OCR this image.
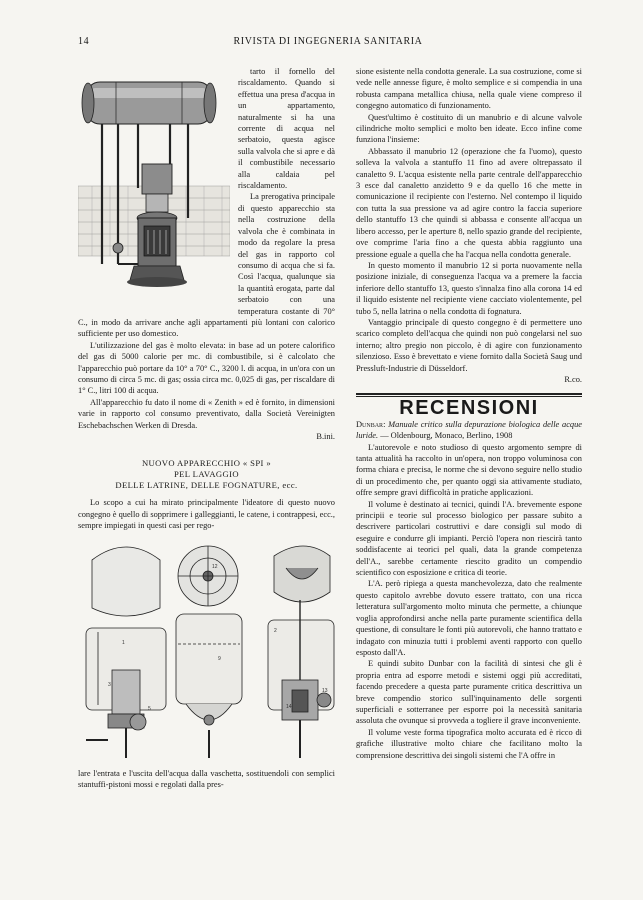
14	RIVISTA DI INGEGNERIA SANITARIA

tarto il fornello del riscaldamento. Quando si effettua una presa d'acqua in un appartamento, naturalmente si ha una corrente di acqua nel serbatoio, questa agisce sulla valvola che si apre e dà il combustibile necessario alla caldaia pel riscaldamento.

La prerogativa principale di questo apparecchio sta nella costruzione della valvola che è combinata in modo da regolare la presa del gas in rapporto col consumo di acqua che si fa. Così l'acqua, qualunque sia la quantità erogata, parte dal serbatoio con una temperatura costante di 70° C., in modo da arrivare anche agli appartamenti più lontani con calorico sufficiente per uso domestico.

L'utilizzazione del gas è molto elevata: in base ad un potere calorifico del gas di 5000 calorie per mc. di combustibile, si è calcolato che l'apparecchio può portare da 10° a 70° C., 3200 l. di acqua, in un'ora con un consumo di circa 5 mc. di gas; ossia circa mc. 0,025 di gas, per riscaldare di 1° C., litri 100 di acqua.

All'apparecchio fu dato il nome di « Zenith » ed è fornito, in dimensioni varie in rapporto col consumo preventivato, dalla Società Vereinigten Eschebachschen Werken di Dresda.

B.ini.

NUOVO APPARECCHIO « SPI »
PEL LAVAGGIO
DELLE LATRINE, DELLE FOGNATURE, ecc.

Lo scopo a cui ha mirato principalmente l'ideatore di questo nuovo congegno è quello di sopprimere i galleggianti, le catene, i contrappesi, ecc., sempre impiegati in questi casi per rego-

1
3
5
12
9
2
13
14

lare l'entrata e l'uscita dell'acqua dalla vaschetta, sostituendoli con semplici stantuffi-pistoni mossi e regolati dalla pres-

sione esistente nella condotta generale. La sua costruzione, come si vede nelle annesse figure, è molto semplice e si compendia in una robusta campana metallica chiusa, nella quale viene compreso il congegno automatico di funzionamento.

Quest'ultimo è costituito di un manubrio e di alcune valvole cilindriche molto semplici e molto ben ideate. Ecco infine come funziona l'insieme:

Abbassato il manubrio 12 (operazione che fa l'uomo), questo solleva la valvola a stantuffo 11 fino ad avere oltrepassato il canaletto 9. L'acqua esistente nella parte centrale dell'apparecchio 3 esce dal canaletto anzidetto 9 e da quello 16 che mette in comunicazione il recipiente con l'esterno. Nel contempo il liquido con tutta la sua pressione va ad agire contro la faccia superiore dello stantuffo 13 che quindi si abbassa e consente all'acqua un libero accesso, per le aperture 8, nello spazio grande del recipiente, ove comprime l'aria fino a che questa abbia raggiunto una pressione eguale a quella che ha l'acqua nella condotta generale.

In questo momento il manubrio 12 si porta nuovamente nella posizione iniziale, di conseguenza l'acqua va a premere la faccia inferiore dello stantuffo 13, questo s'innalza fino alla corona 14 ed il liquido esistente nel recipiente viene cacciato violentemente, pel tubo 5, nella latrina o nella condotta di fognatura.

Vantaggio principale di questo congegno è di permettere uno scarico completo dell'acqua che quindi non può congelarsi nel suo interno; altro pregio non piccolo, è di agire con funzionamento silenzioso. Esso è brevettato e viene fornito dalla Società Saug und Pressluft-Industrie di Düsseldorf.

R.co.

RECENSIONI

Dunbar: Manuale critico sulla depurazione biologica delle acque luride. — Oldenbourg, Monaco, Berlino, 1908

L'autorevole e noto studioso di questo argomento sempre di tanta attualità ha raccolto in un'opera, non troppo voluminosa con forma chiara e precisa, le norme che si devono seguire nello studio di un procedimento che, per quanto oggi sia attivamente studiato, offre sempre gravi difficoltà in pratiche applicazioni.

Il volume è destinato ai tecnici, quindi l'A. brevemente espone principii e teorie sul processo biologico per passare subito a descrivere particolari costruttivi e dare consigli sul modo di eseguire e condurre gli impianti. Perciò l'opera non riescirà tanto soddisfacente ai teorici pel quali, data la grande competenza dell'A., sarebbe certamente riescito gradito un compendio scientifico con esposizione e critica di teorie.

L'A. però ripiega a questa manchevolezza, dato che realmente questo capitolo avrebbe dovuto essere trattato, con una ricca letteratura sull'argomento molto minuta che permette, a chiunque voglia approfondirsi anche nella parte puramente scientifica della questione, di consultare le fonti più autorevoli, che hanno trattato e indagato con minuzia tutti i problemi aventi rapporto con quello esposto dall'A.

E quindi subito Dunbar con la facilità di sintesi che gli è propria entra ad esporre metodi e sistemi oggi più accreditati, facendo precedere a questa parte puramente critica descrittiva un breve compendio storico sull'inquinamento delle sorgenti superficiali e sotterranee per esporre poi la necessità sanitaria assoluta che ovunque si provveda a togliere il grave inconveniente.

Il volume veste forma tipografica molto accurata ed è ricco di grafiche illustrative molto chiare che facilitano molto la comprensione descrittiva dei singoli sistemi che l'A offre in
